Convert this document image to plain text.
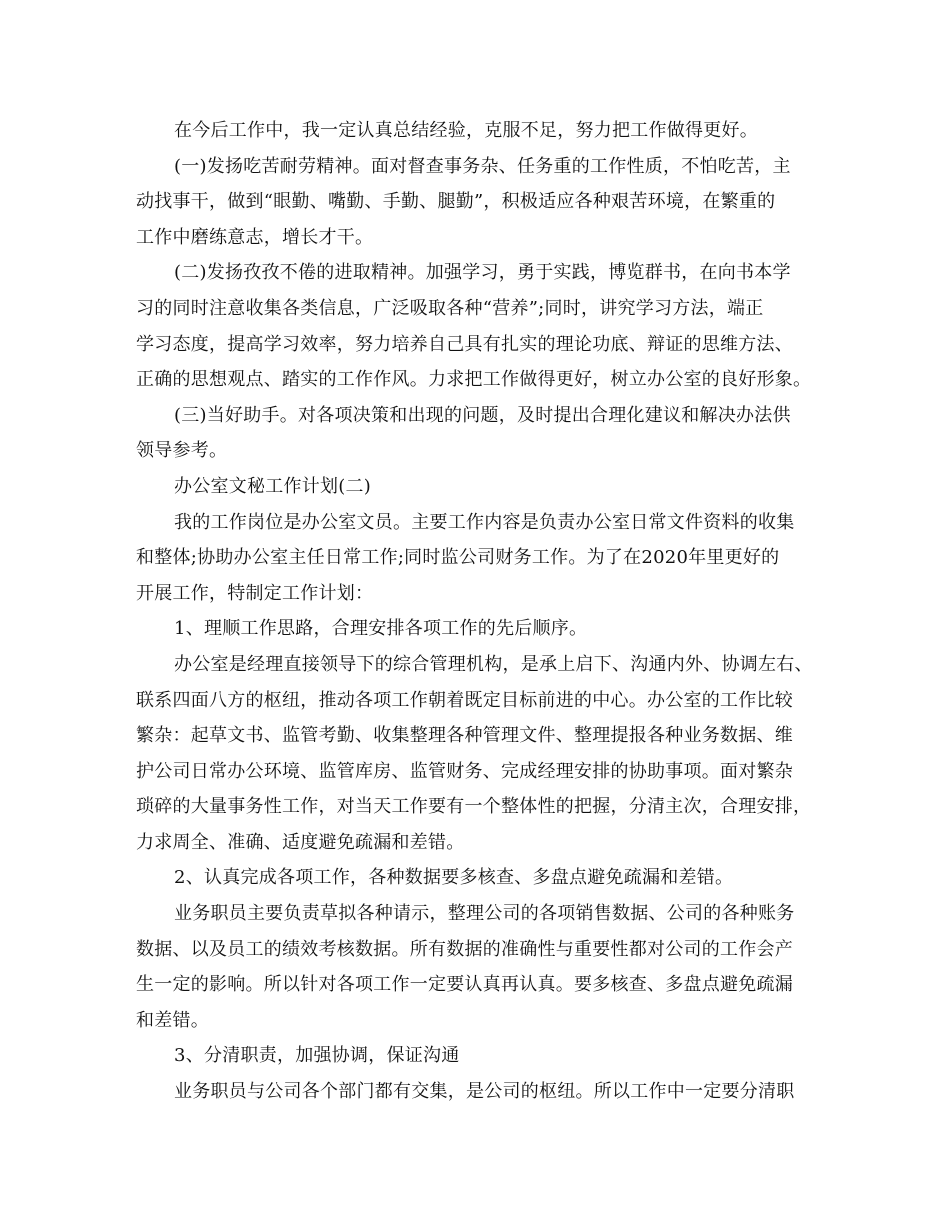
在今后工作中，我一定认真总结经验，克服不足，努力把工作做得更好。
(一)发扬吃苦耐劳精神。面对督查事务杂、任务重的工作性质，不怕吃苦，主
动找事干，做到“眼勤、嘴勤、手勤、腿勤”，积极适应各种艰苦环境，在繁重的
工作中磨练意志，增长才干。
(二)发扬孜孜不倦的进取精神。加强学习，勇于实践，博览群书，在向书本学
习的同时注意收集各类信息，广泛吸取各种“营养”;同时，讲究学习方法，端正
学习态度，提高学习效率，努力培养自己具有扎实的理论功底、辩证的思维方法、
正确的思想观点、踏实的工作作风。力求把工作做得更好，树立办公室的良好形象。
(三)当好助手。对各项决策和出现的问题，及时提出合理化建议和解决办法供
领导参考。
办公室文秘工作计划(二)
我的工作岗位是办公室文员。主要工作内容是负责办公室日常文件资料的收集
和整体;协助办公室主任日常工作;同时监公司财务工作。为了在2020年里更好的
开展工作，特制定工作计划：
1、理顺工作思路，合理安排各项工作的先后顺序。
办公室是经理直接领导下的综合管理机构，是承上启下、沟通内外、协调左右、
联系四面八方的枢纽，推动各项工作朝着既定目标前进的中心。办公室的工作比较
繁杂：起草文书、监管考勤、收集整理各种管理文件、整理提报各种业务数据、维
护公司日常办公环境、监管库房、监管财务、完成经理安排的协助事项。面对繁杂
琐碎的大量事务性工作，对当天工作要有一个整体性的把握，分清主次，合理安排，
力求周全、准确、适度避免疏漏和差错。
2、认真完成各项工作，各种数据要多核查、多盘点避免疏漏和差错。
业务职员主要负责草拟各种请示，整理公司的各项销售数据、公司的各种账务
数据、以及员工的绩效考核数据。所有数据的准确性与重要性都对公司的工作会产
生一定的影响。所以针对各项工作一定要认真再认真。要多核查、多盘点避免疏漏
和差错。
3、分清职责，加强协调，保证沟通
业务职员与公司各个部门都有交集，是公司的枢纽。所以工作中一定要分清职
